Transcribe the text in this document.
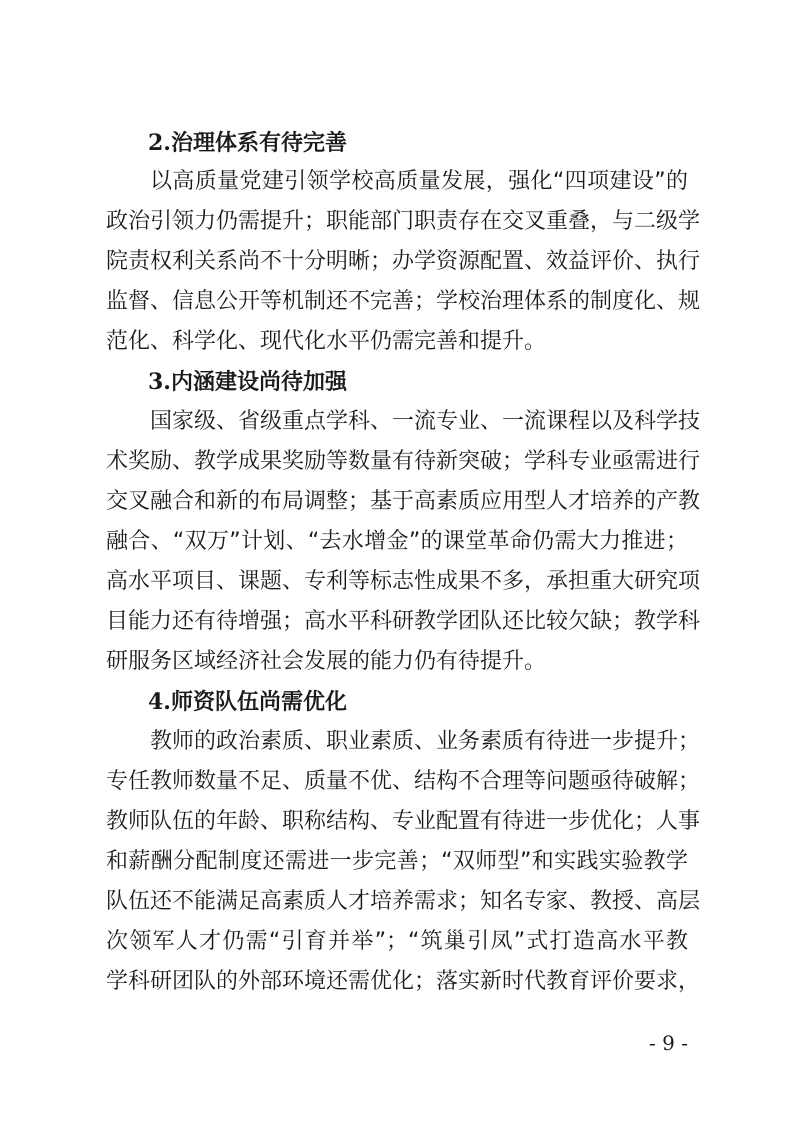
2.治理体系有待完善
以高质量党建引领学校高质量发展，强化“四项建设”的
政治引领力仍需提升；职能部门职责存在交叉重叠，与二级学
院责权利关系尚不十分明晰；办学资源配置、效益评价、执行
监督、信息公开等机制还不完善；学校治理体系的制度化、规
范化、科学化、现代化水平仍需完善和提升。
3.内涵建设尚待加强
国家级、省级重点学科、一流专业、一流课程以及科学技
术奖励、教学成果奖励等数量有待新突破；学科专业亟需进行
交叉融合和新的布局调整；基于高素质应用型人才培养的产教
融合、“双万”计划、“去水增金”的课堂革命仍需大力推进；
高水平项目、课题、专利等标志性成果不多，承担重大研究项
目能力还有待增强；高水平科研教学团队还比较欠缺；教学科
研服务区域经济社会发展的能力仍有待提升。
4.师资队伍尚需优化
教师的政治素质、职业素质、业务素质有待进一步提升；
专任教师数量不足、质量不优、结构不合理等问题亟待破解；
教师队伍的年龄、职称结构、专业配置有待进一步优化；人事
和薪酬分配制度还需进一步完善；“双师型”和实践实验教学
队伍还不能满足高素质人才培养需求；知名专家、教授、高层
次领军人才仍需“引育并举”；“筑巢引凤”式打造高水平教
学科研团队的外部环境还需优化；落实新时代教育评价要求，
- 9 -
